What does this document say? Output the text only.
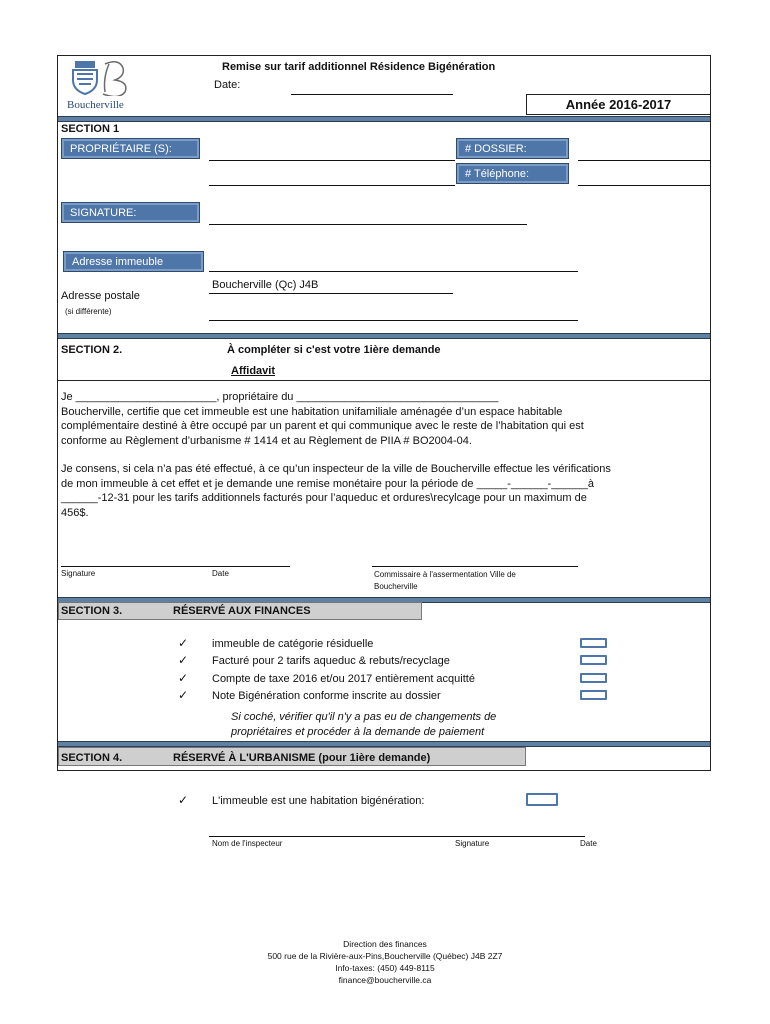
Boucherville
Remise sur tarif additionnel Résidence Bigénération
Date:
Année 2016-2017
SECTION 1
PROPRIÉTAIRE (S):	# DOSSIER:
# Téléphone:
SIGNATURE:
Adresse immeuble
Boucherville (Qc) J4B
Adresse postale
(si différente)
SECTION 2.	À compléter si c'est votre 1ière demande
Affidavit

Je _______________________, propriétaire du _________________________________

Boucherville, certifie que cet immeuble est une habitation unifamiliale aménagée d’un espace habitable

complémentaire destiné à être occupé par un parent et qui communique avec le reste de l’habitation qui est

conforme au Règlement d’urbanisme # 1414 et au Règlement de PIIA # BO2004-04.

Je consens, si cela n’a pas été effectué, à ce qu’un inspecteur de la ville de Boucherville effectue les vérifications

de mon immeuble à cet effet et je demande une remise monétaire pour la période de _____-______-______à

______-12-31 pour les tarifs additionnels facturés pour l’aqueduc et ordures\recylcage pour un maximum de

456$.

Signature	Date	Commissaire à l'assermentation Ville de
Boucherville
SECTION 3.	RÉSERVÉ AUX FINANCES
✓ immeuble de catégorie résiduelle
✓ Facturé pour 2 tarifs aqueduc & rebuts/recyclage
✓ Compte de taxe 2016 et/ou 2017 entièrement acquitté
✓ Note Bigénération conforme inscrite au dossier
Si coché, vérifier qu'il n'y a pas eu de changements de
propriétaires et procéder à la demande de paiement
SECTION 4.	RÉSERVÉ À L'URBANISME (pour 1ière demande)
✓ L'immeuble est une habitation bigénération:
Nom de l'inspecteur	Signature	Date
Direction des finances
500 rue de la Rivière-aux-Pins,Boucherville (Québec) J4B 2Z7
Info-taxes: (450) 449-8115
finance@boucherville.ca
